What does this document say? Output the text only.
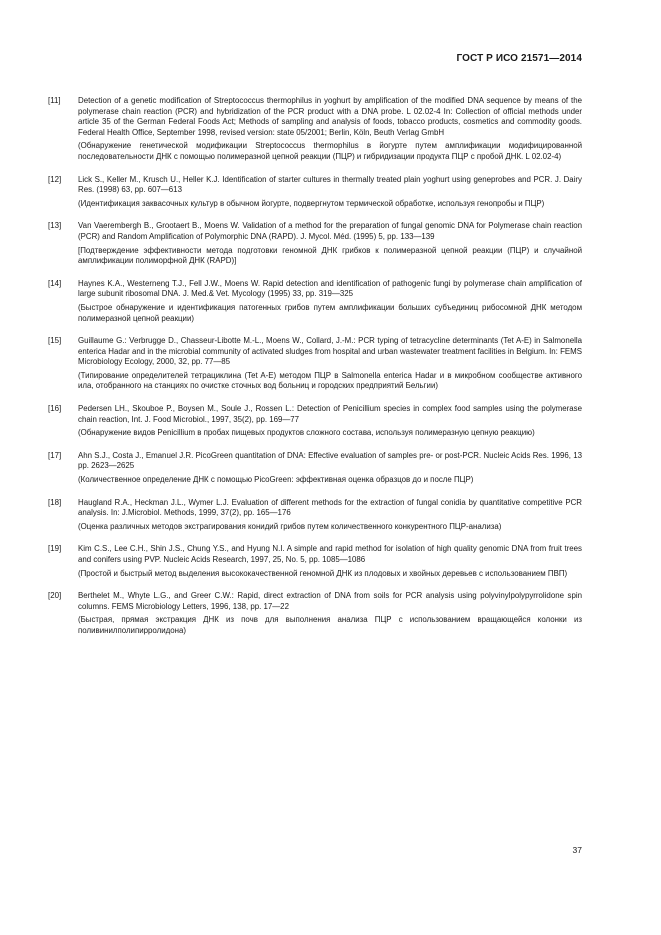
ГОСТ Р ИСО 21571—2014
[11]	Detection of a genetic modification of Streptococcus thermophilus in yoghurt by amplification of the modified DNA sequence by means of the polymerase chain reaction (PCR) and hybridization of the PCR product with a DNA probe. L 02.02-4 In: Collection of official methods under article 35 of the German Federal Foods Act; Methods of sampling and analysis of foods, tobacco products, cosmetics and commodity goods. Federal Health Office, September 1998, revised version: state 05/2001; Berlin, Köln, Beuth Verlag GmbH

(Обнаружение генетической модификации Streptococcus thermophilus в йогурте путем амплификации модифицированной последовательности ДНК с помощью полимеразной цепной реакции (ПЦР) и гибридизации продукта ПЦР с пробой ДНК. L 02.02-4)

[12]	Lick S., Keller M., Krusch U., Heller K.J. Identification of starter cultures in thermally treated plain yoghurt using geneprobes and PCR. J. Dairy Res. (1998) 63, pp. 607—613

(Идентификация заквасочных культур в обычном йогурте, подвергнутом термической обработке, используя генопробы и ПЦР)

[13]	Van Vaerembergh B., Grootaert B., Moens W. Validation of a method for the preparation of fungal genomic DNA for Polymerase chain reaction (PCR) and Random Amplification of Polymorphic DNA (RAPD). J. Mycol. Méd. (1995) 5, pp. 133—139

[Подтверждение эффективности метода подготовки геномной ДНК грибков к полимеразной цепной реакции (ПЦР) и случайной амплификации полиморфной ДНК (RAPD)]

[14]	Haynes K.A., Westerneng T.J., Fell J.W., Moens W. Rapid detection and identification of pathogenic fungi by polymerase chain amplification of large subunit ribosomal DNA. J. Med.& Vet. Mycology (1995) 33, pp. 319—325

(Быстрое обнаружение и идентификация патогенных грибов путем амплификации больших субъединиц рибосомной ДНК методом полимеразной цепной реакции)

[15]	Guillaume G.: Verbrugge D., Chasseur-Libotte M.-L., Moens W., Collard, J.-M.: PCR typing of tetracycline determinants (Tet A-E) in Salmonella enterica Hadar and in the microbial community of activated sludges from hospital and urban wastewater treatment facilities in Belgium. In: FEMS Microbiology Ecology, 2000, 32, pp. 77—85

(Типирование определителей тетрациклина (Tet A-E) методом ПЦР в Salmonella enterica Hadar и в микробном сообществе активного ила, отобранного на станциях по очистке сточных вод больниц и городских предприятий Бельгии)

[16]	Pedersen LH., Skouboe P., Boysen M., Soule J., Rossen L.: Detection of Penicillium species in complex food samples using the polymerase chain reaction, Int. J. Food Microbiol., 1997, 35(2), pp. 169—77

(Обнаружение видов Penicillium в пробах пищевых продуктов сложного состава, используя полимеразную цепную реакцию)

[17]	Ahn S.J., Costa J., Emanuel J.R. PicoGreen quantitation of DNA: Effective evaluation of samples pre- or post-PCR. Nucleic Acids Res. 1996, 13 pp. 2623—2625

(Количественное определение ДНК с помощью PicoGreen: эффективная оценка образцов до и после ПЦР)

[18]	Haugland R.A., Heckman J.L., Wymer L.J. Evaluation of different methods for the extraction of fungal conidia by quantitative competitive PCR analysis. In: J.Microbiol. Methods, 1999, 37(2), pp. 165—176

(Оценка различных методов экстрагирования конидий грибов путем количественного конкурентного ПЦР-анализа)

[19]	Kim C.S., Lee C.H., Shin J.S., Chung Y.S., and Hyung N.I. A simple and rapid method for isolation of high quality genomic DNA from fruit trees and conifers using PVP. Nucleic Acids Research, 1997, 25, No. 5, pp. 1085—1086

(Простой и быстрый метод выделения высококачественной геномной ДНК из плодовых и хвойных деревьев с использованием ПВП)

[20]	Berthelet M., Whyte L.G., and Greer C.W.: Rapid, direct extraction of DNA from soils for PCR analysis using polyvinylpolypyrrolidone spin columns. FEMS Microbiology Letters, 1996, 138, pp. 17—22

(Быстрая, прямая экстракция ДНК из почв для выполнения анализа ПЦР с использованием вращающейся колонки из поливинилполипирролидона)

37
